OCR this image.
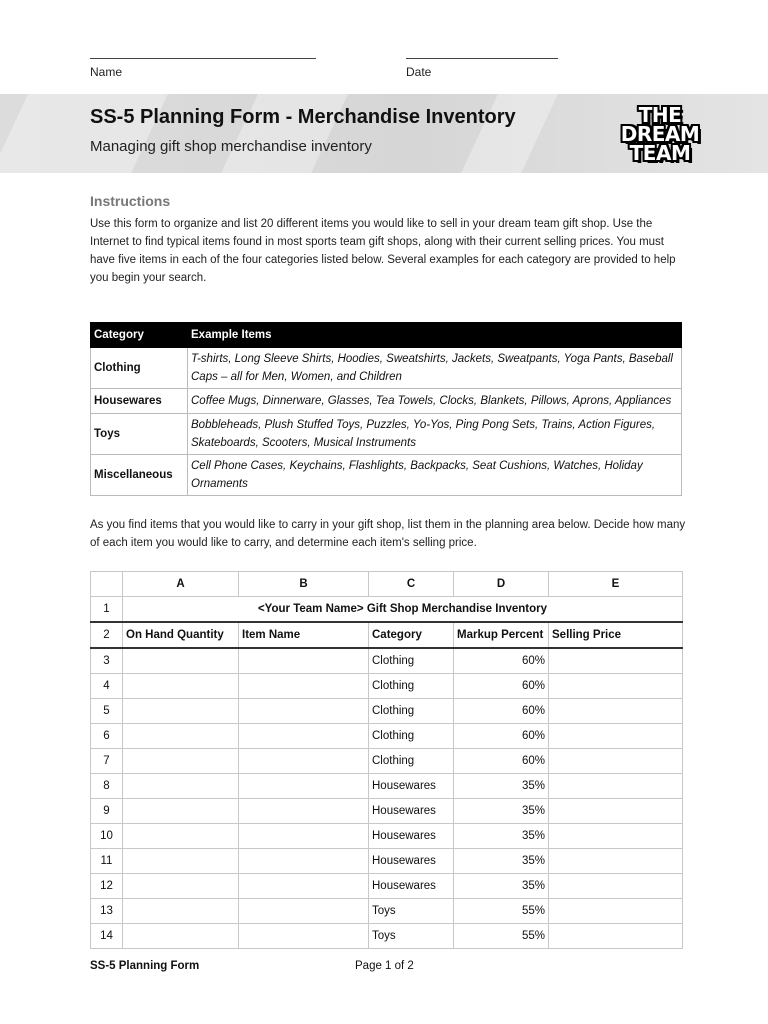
Name	Date
SS-5 Planning Form - Merchandise Inventory
Managing gift shop merchandise inventory
THE
DREAM
TEAM
Instructions

Use this form to organize and list 20 different items you would like to sell in your dream team gift shop. Use the Internet to find typical items found in most sports team gift shops, along with their current selling prices. You must have five items in each of the four categories listed below. Several examples for each category are provided to help you begin your search.

Category	Example Items
Clothing	T-shirts, Long Sleeve Shirts, Hoodies, Sweatshirts, Jackets, Sweatpants, Yoga Pants, Baseball Caps – all for Men, Women, and Children
Housewares	Coffee Mugs, Dinnerware, Glasses, Tea Towels, Clocks, Blankets, Pillows, Aprons, Appliances
Toys	Bobbleheads, Plush Stuffed Toys, Puzzles, Yo-Yos, Ping Pong Sets, Trains, Action Figures, Skateboards, Scooters, Musical Instruments
Miscellaneous	Cell Phone Cases, Keychains, Flashlights, Backpacks, Seat Cushions, Watches, Holiday Ornaments

As you find items that you would like to carry in your gift shop, list them in the planning area below. Decide how many of each item you would like to carry, and determine each item's selling price.

	A	B	C	D	E
1	<Your Team Name> Gift Shop Merchandise Inventory				
2	On Hand Quantity	Item Name	Category	Markup Percent	Selling Price
3			Clothing	60%	
4			Clothing	60%	
5			Clothing	60%	
6			Clothing	60%	
7			Clothing	60%	
8			Housewares	35%	
9			Housewares	35%	
10			Housewares	35%	
11			Housewares	35%	
12			Housewares	35%	
13			Toys	55%	
14			Toys	55%	
SS-5 Planning Form	Page 1 of 2
